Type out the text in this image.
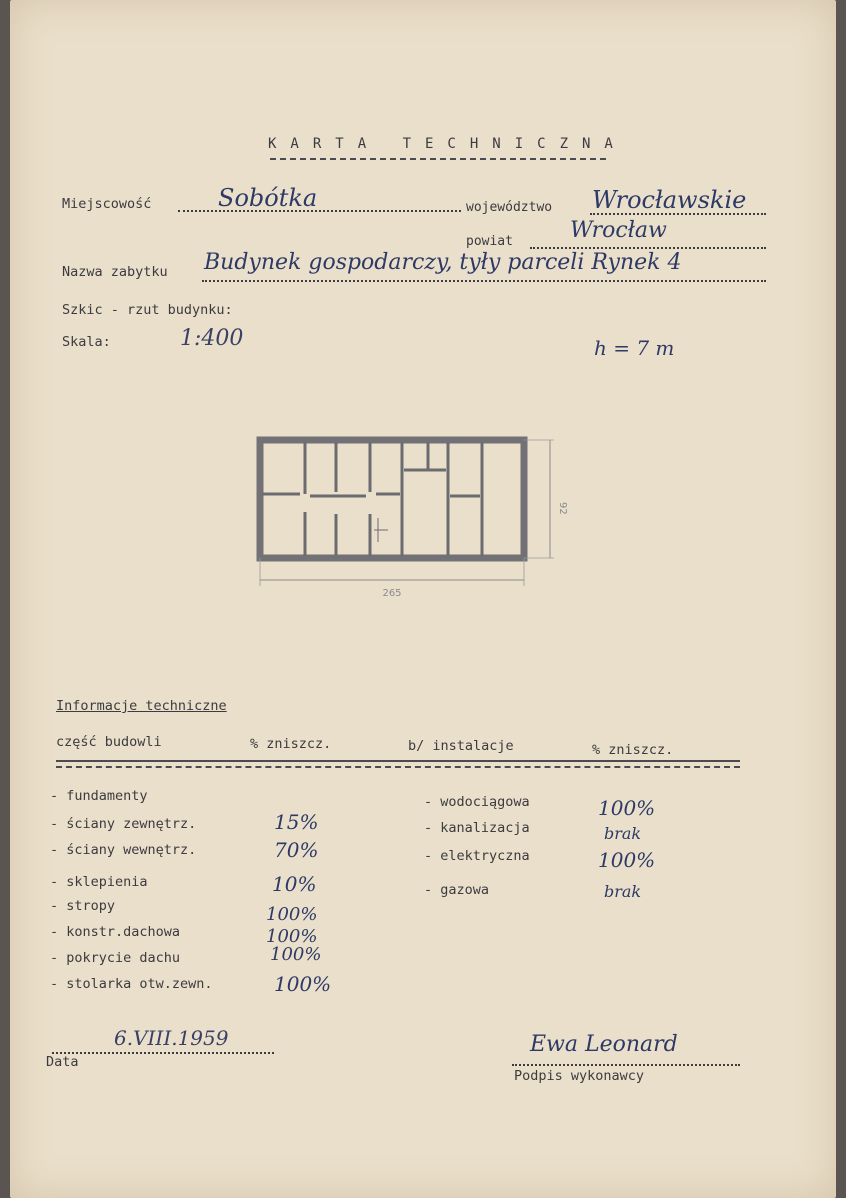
KARTA TECHNICZNA
Miejscowość	Sobótka	województwo Wrocławskie
powiat	Wrocław
Nazwa zabytku Budynek gospodarczy, tyły parceli Rynek 4
Szkic - rzut budynku:
Skala:	1:400	h = 7 m
265
92
Informacje techniczne
część budowli	% zniszcz.	b/ instalacje	% zniszcz.
- fundamenty
- ściany zewnętrz.	15%
- ściany wewnętrz.	70%
- sklepienia	10%
- stropy	100%
- konstr.dachowa	100%
- pokrycie dachu	100%
- stolarka otw.zewn.	100%
- wodociągowa	100%
- kanalizacja	brak
- elektryczna	100%
- gazowa	brak
6.VIII.1959
Data
Ewa Leonard
Podpis wykonawcy
